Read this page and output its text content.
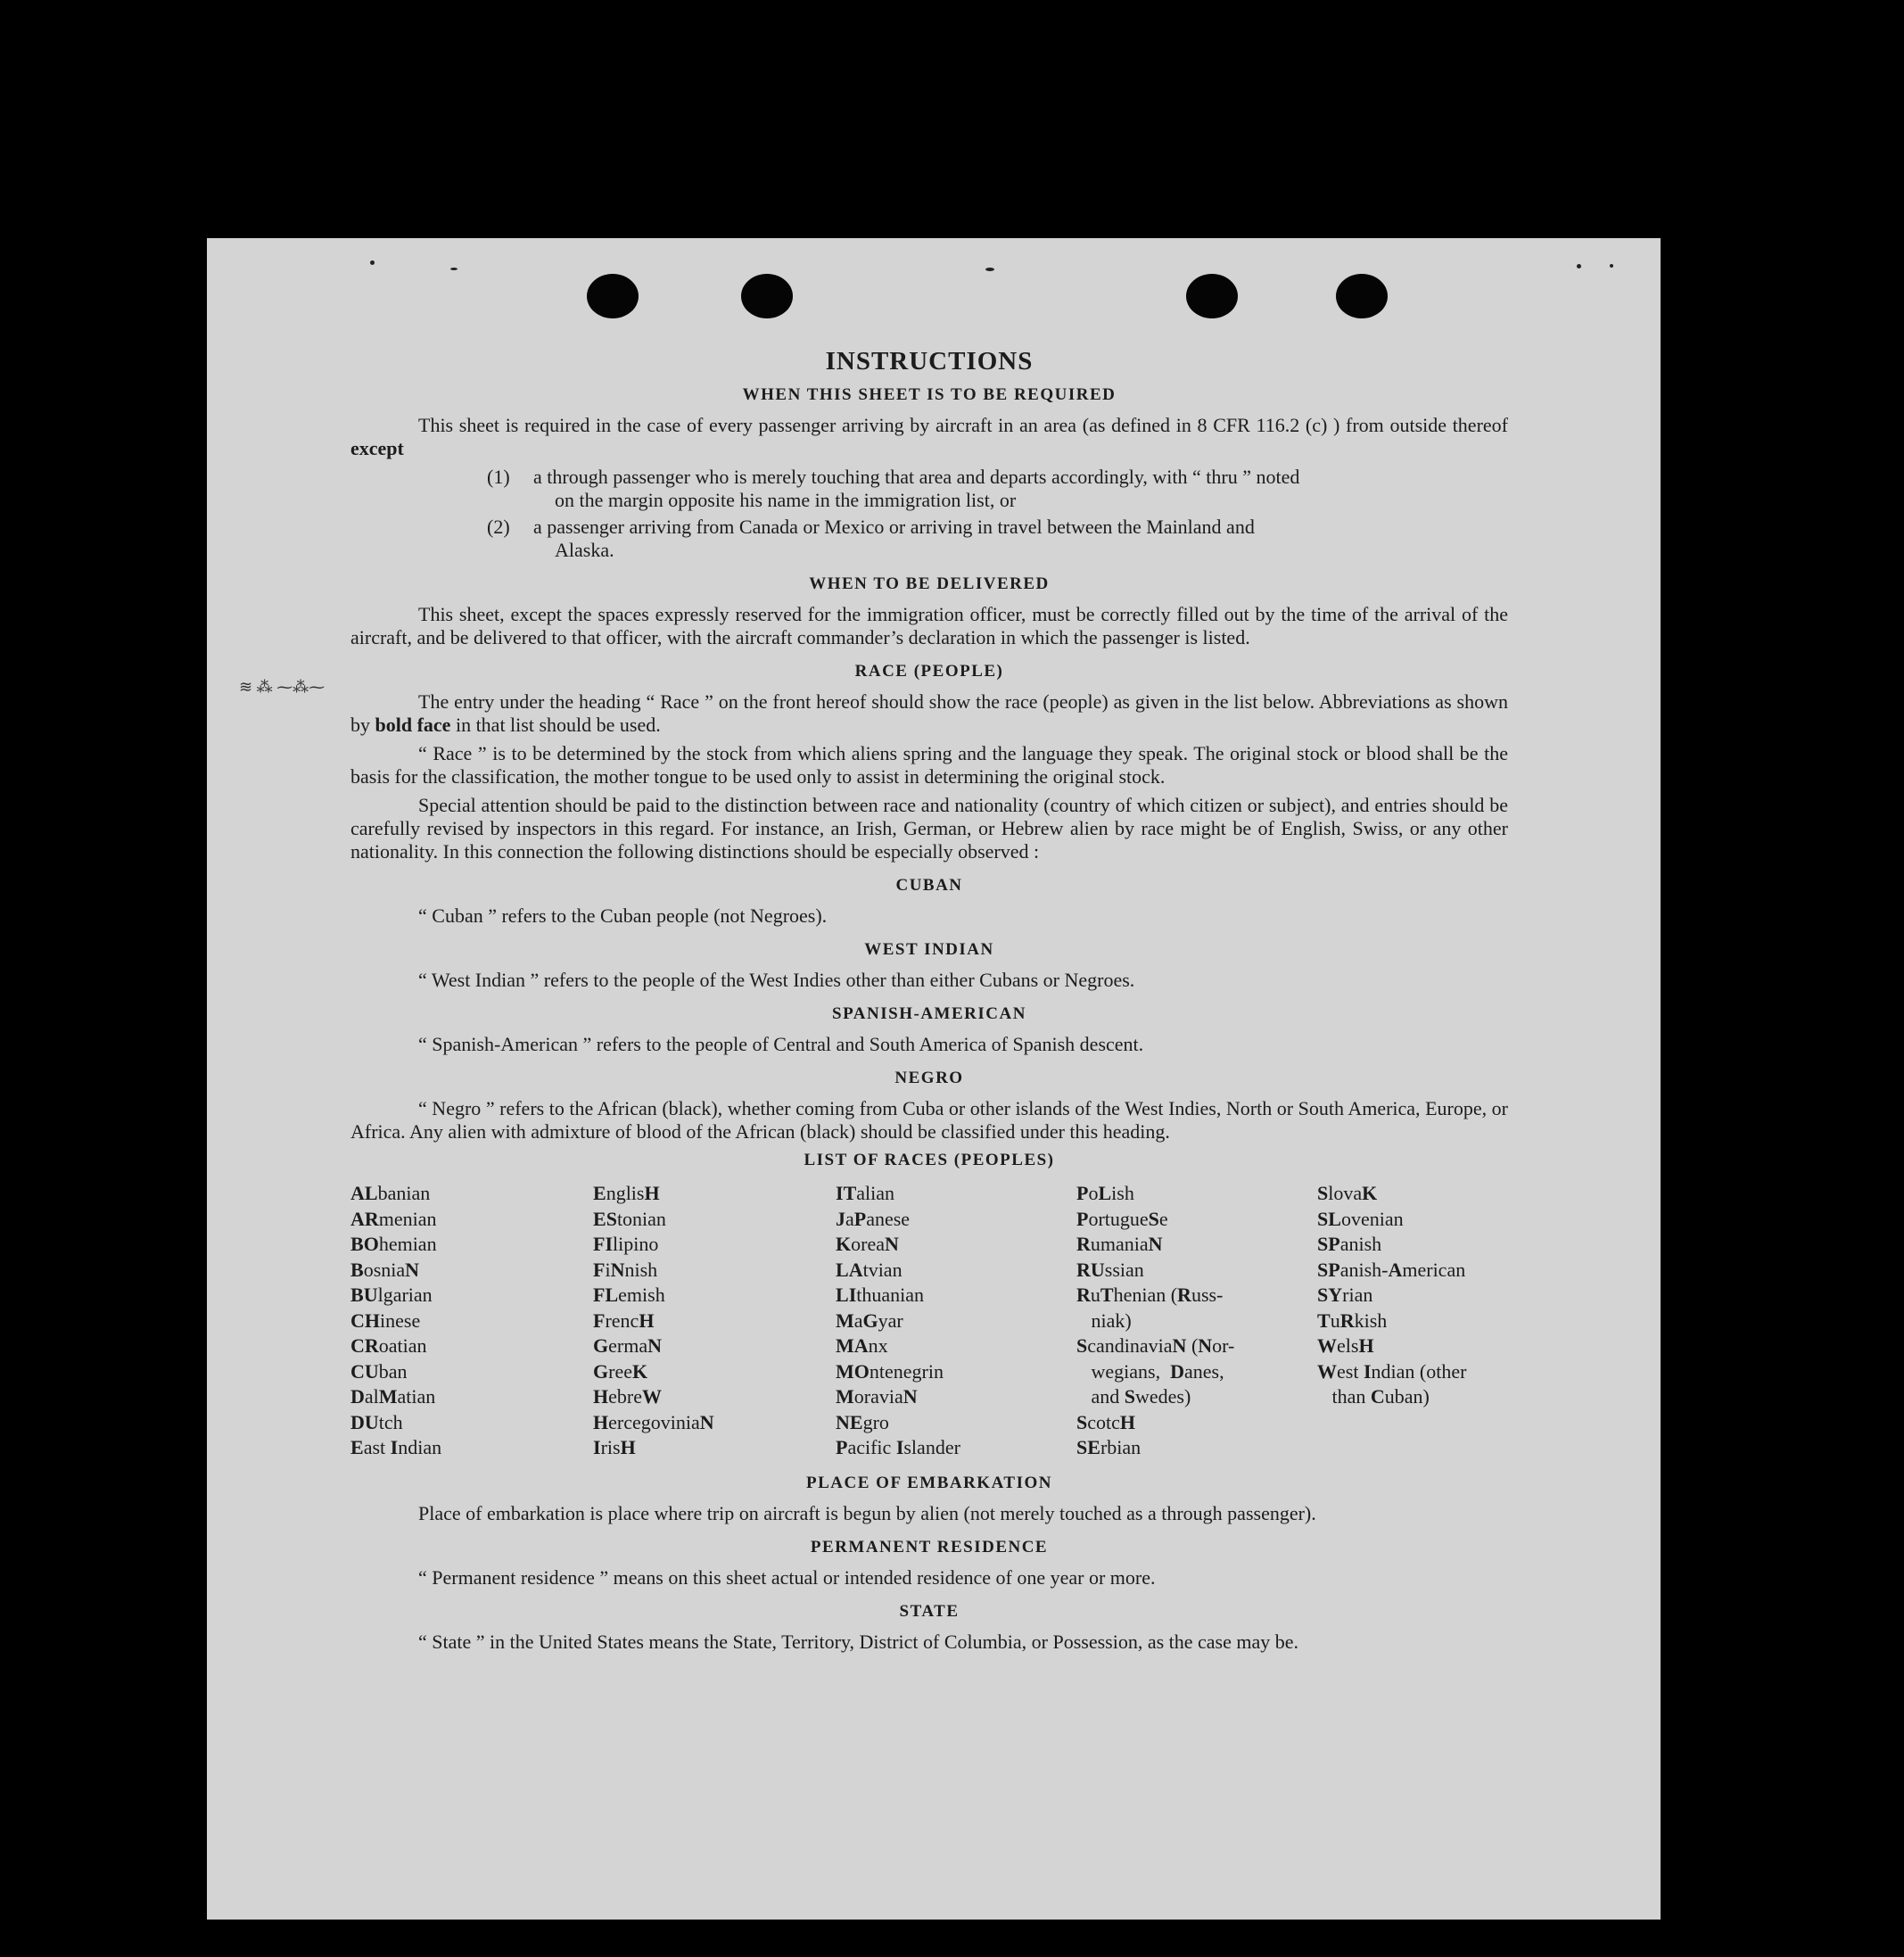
≋ ⁂ ⁓⁂⁓
INSTRUCTIONS
WHEN THIS SHEET IS TO BE REQUIRED

This sheet is required in the case of every passenger arriving by aircraft in an area (as defined in 8 CFR 116.2 (c) ) from outside thereof except

(1)	a through passenger who is merely touching that area and departs accordingly, with “ thru ” noted
on the margin opposite his name in the immigration list, or
(2)	a passenger arriving from Canada or Mexico or arriving in travel between the Mainland and
Alaska.
WHEN TO BE DELIVERED

This sheet, except the spaces expressly reserved for the immigration officer, must be correctly filled out by the time of the arrival of the aircraft, and be delivered to that officer, with the aircraft commander’s declaration in which the passenger is listed.

RACE (PEOPLE)

The entry under the heading “ Race ” on the front hereof should show the race (people) as given in the list below. Abbreviations as shown by bold face in that list should be used.

“ Race ” is to be determined by the stock from which aliens spring and the language they speak. The original stock or blood shall be the basis for the classification, the mother tongue to be used only to assist in determining the original stock.

Special attention should be paid to the distinction between race and nationality (country of which citizen or subject), and entries should be carefully revised by inspectors in this regard. For instance, an Irish, German, or Hebrew alien by race might be of English, Swiss, or any other nationality. In this connection the following distinctions should be especially observed :

CUBAN

“ Cuban ” refers to the Cuban people (not Negroes).

WEST INDIAN

“ West Indian ” refers to the people of the West Indies other than either Cubans or Negroes.

SPANISH-AMERICAN

“ Spanish-American ” refers to the people of Central and South America of Spanish descent.

NEGRO

“ Negro ” refers to the African (black), whether coming from Cuba or other islands of the West Indies, North or South America, Europe, or Africa. Any alien with admixture of blood of the African (black) should be classified under this heading.

LIST OF RACES (PEOPLES)
ALbanian	EnglisH	ITalian	PoLish	SlovaK
ARmenian	EStonian	JaPanese	PortugueSe	SLovenian
BOhemian	FIlipino	KoreaN	RumaniaN	SPanish
BosniaN	FiNnish	LAtvian	RUssian	SPanish-American
BUlgarian	FLemish	LIthuanian	RuThenian (Russ-	SYrian
CHinese	FrencH	MaGyar	niak)	TuRkish
CRoatian	GermaN	MAnx	ScandinaviaN (Nor-	WelsH
CUban	GreeK	MOntenegrin	wegians,  Danes,	West Indian (other
DalMatian	HebreW	MoraviaN	and Swedes)	than Cuban)
DUtch	HercegoviniaN	NEgro	ScotcH
East Indian	IrisH	Pacific Islander	SErbian
PLACE OF EMBARKATION

Place of embarkation is place where trip on aircraft is begun by alien (not merely touched as a through passenger).

PERMANENT RESIDENCE

“ Permanent residence ” means on this sheet actual or intended residence of one year or more.

STATE

“ State ” in the United States means the State, Territory, District of Columbia, or Possession, as the case may be.
